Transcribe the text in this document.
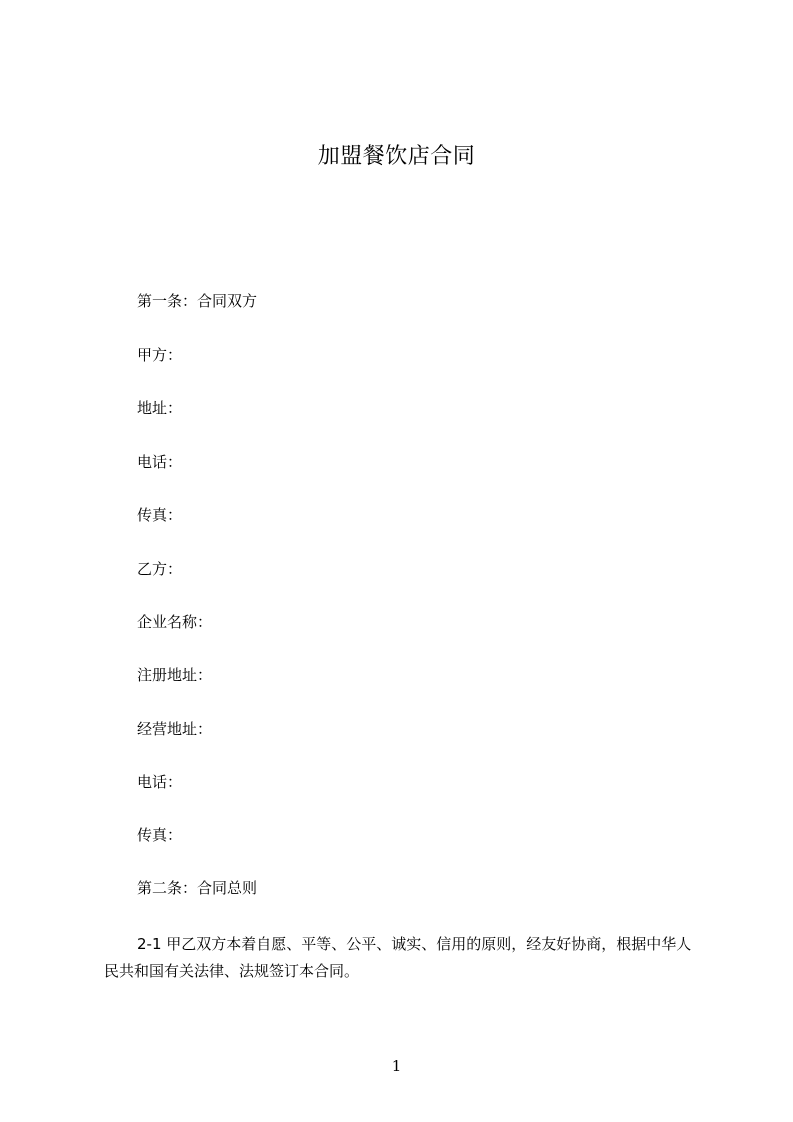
加盟餐饮店合同
第一条：合同双方
甲方：
地址：
电话：
传真：
乙方：
企业名称：
注册地址：
经营地址：
电话：
传真：
第二条：合同总则
2-1 甲乙双方本着自愿、平等、公平、诚实、信用的原则，经友好协商，根据中华人民共和国有关法律、法规签订本合同。
1
